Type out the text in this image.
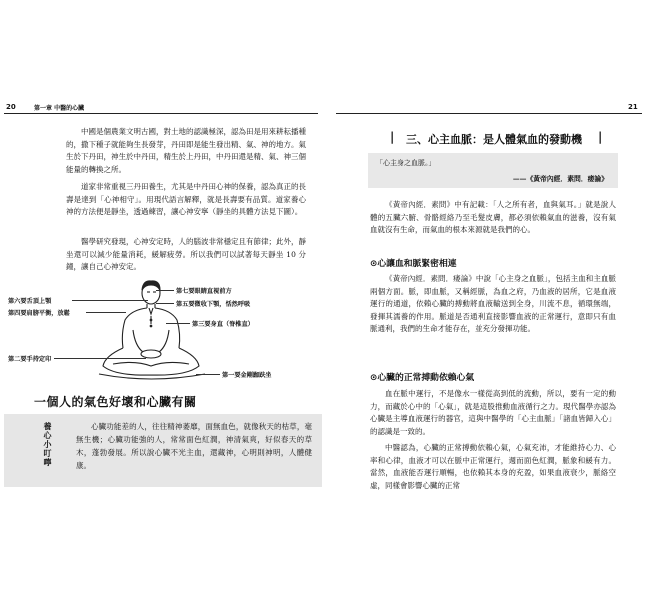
20	第一章 中醫的心臟

中國是個農業文明古國，對土地的認識極深，認為田是用來耕耘播種的，撒下種子就能夠生長發芽，丹田即是能生發出精、氣、神的地方。氣生於下丹田，神生於中丹田，精生於上丹田，中丹田還是精、氣、神三個能量的轉換之所。

道家非常重視三丹田養生，尤其是中丹田心神的保養，認為真正的長壽是達到「心神相守」。用現代語言解釋，就是長壽要有品質。道家養心神的方法便是靜坐，透過練習，讓心神安寧（靜坐的具體方法見下圖）。

醫學研究發現，心神安定時，人的腦波非常穩定且有節律；此外，靜坐還可以減少能量消耗，緩解疲勞。所以我們可以試著每天靜坐 10 分鐘，讓自己心神安定。

第七要眼睛直視前方
第六要舌頂上顎	第五要微收下顎，恬然呼吸
第四要肩膀平衡，放鬆
第三要身直（脊椎直）
第二要手持定印
第一要金剛跏趺坐
一個人的氣色好壞和心臟有關
養心小叮嚀	心臟功能差的人，往往精神萎靡，面無血色，就像秋天的枯草，毫無生機；心臟功能強的人，常常面色紅潤，神清氣爽，好似春天的草木，蓬勃發展。所以說心臟不光主血，還藏神，心明則神明，人體健康。

21
| 三、心主血脈：是人體氣血的發動機 |
「心主身之血脈。」
——《黃帝內經．素問．痿論》

《黃帝內經．素問》中有記載：「人之所有者，血與氣耳。」就是說人體的五臟六腑、骨骼經絡乃至毛髮皮膚，都必須依賴氣血的滋養，沒有氣血就沒有生命，而氣血的根本來源就是我們的心。

⊙心讓血和脈緊密相連

《黃帝內經．素問．痿論》中說「心主身之血脈」，包括主血和主血脈兩個方面。脈，即血脈，又稱經脈，為血之府，乃血液的居所，它是血液運行的通道，依賴心臟的搏動將血液輸送到全身，川流不息，循環無端，發揮其濡養的作用。脈道是否通利直接影響血液的正常運行，意即只有血脈通利，我們的生命才能存在，並充分發揮功能。

⊙心臟的正常搏動依賴心氣

血在脈中運行，不是像水一樣從高到低的流動，所以，要有一定的動力，而藏於心中的「心氣」，就是這股推動血液循行之力。現代醫學亦認為心臟是主導血液運行的器官，這與中醫學的「心主血脈」「諸血皆歸入心」的認識是一致的。

中醫認為，心臟的正常搏動依賴心氣，心氣充沛，才能維持心力、心率和心律，血液才可以在脈中正常運行，週而面色紅潤，脈象和緩有力。當然，血液能否運行順暢，也依賴其本身的充盈，如果血液衰少，脈絡空虛，同樣會影響心臟的正常
